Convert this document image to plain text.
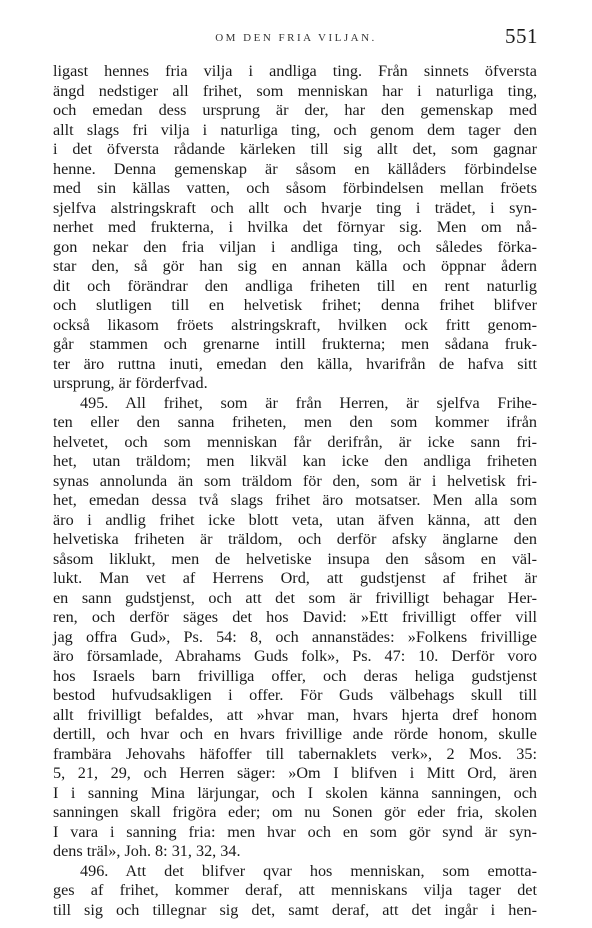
OM DEN FRIA VILJAN.	551
ligast hennes fria vilja i andliga ting. Från sinnets öfversta
ängd nedstiger all frihet, som menniskan har i naturliga ting,
och emedan dess ursprung är der, har den gemenskap med
allt slags fri vilja i naturliga ting, och genom dem tager den
i det öfversta rådande kärleken till sig allt det, som gagnar
henne. Denna gemenskap är såsom en källåders förbindelse
med sin källas vatten, och såsom förbindelsen mellan fröets
sjelfva alstringskraft och allt och hvarje ting i trädet, i syn-
nerhet med frukterna, i hvilka det förnyar sig. Men om nå-
gon nekar den fria viljan i andliga ting, och således förka-
star den, så gör han sig en annan källa och öppnar ådern
dit och förändrar den andliga friheten till en rent naturlig
och slutligen till en helvetisk frihet; denna frihet blifver
också likasom fröets alstringskraft, hvilken ock fritt genom-
går stammen och grenarne intill frukterna; men sådana fruk-
ter äro ruttna inuti, emedan den källa, hvarifrån de hafva sitt
ursprung, är förderfvad.
495. All frihet, som är från Herren, är sjelfva Frihe-
ten eller den sanna friheten, men den som kommer ifrån
helvetet, och som menniskan får derifrån, är icke sann fri-
het, utan träldom; men likväl kan icke den andliga friheten
synas annolunda än som träldom för den, som är i helvetisk fri-
het, emedan dessa två slags frihet äro motsatser. Men alla som
äro i andlig frihet icke blott veta, utan äfven känna, att den
helvetiska friheten är träldom, och derför afsky änglarne den
såsom liklukt, men de helvetiske insupa den såsom en väl-
lukt. Man vet af Herrens Ord, att gudstjenst af frihet är
en sann gudstjenst, och att det som är frivilligt behagar Her-
ren, och derför säges det hos David: »Ett frivilligt offer vill
jag offra Gud», Ps. 54: 8, och annanstädes: »Folkens frivillige
äro församlade, Abrahams Guds folk», Ps. 47: 10. Derför voro
hos Israels barn frivilliga offer, och deras heliga gudstjenst
bestod hufvudsakligen i offer. För Guds välbehags skull till
allt frivilligt befaldes, att »hvar man, hvars hjerta dref honom
dertill, och hvar och en hvars frivillige ande rörde honom, skulle
frambära Jehovahs häfoffer till tabernaklets verk», 2 Mos. 35:
5, 21, 29, och Herren säger: »Om I blifven i Mitt Ord, ären
I i sanning Mina lärjungar, och I skolen känna sanningen, och
sanningen skall frigöra eder; om nu Sonen gör eder fria, skolen
I vara i sanning fria: men hvar och en som gör synd är syn-
dens träl», Joh. 8: 31, 32, 34.
496. Att det blifver qvar hos menniskan, som emotta-
ges af frihet, kommer deraf, att menniskans vilja tager det
till sig och tillegnar sig det, samt deraf, att det ingår i hen-
